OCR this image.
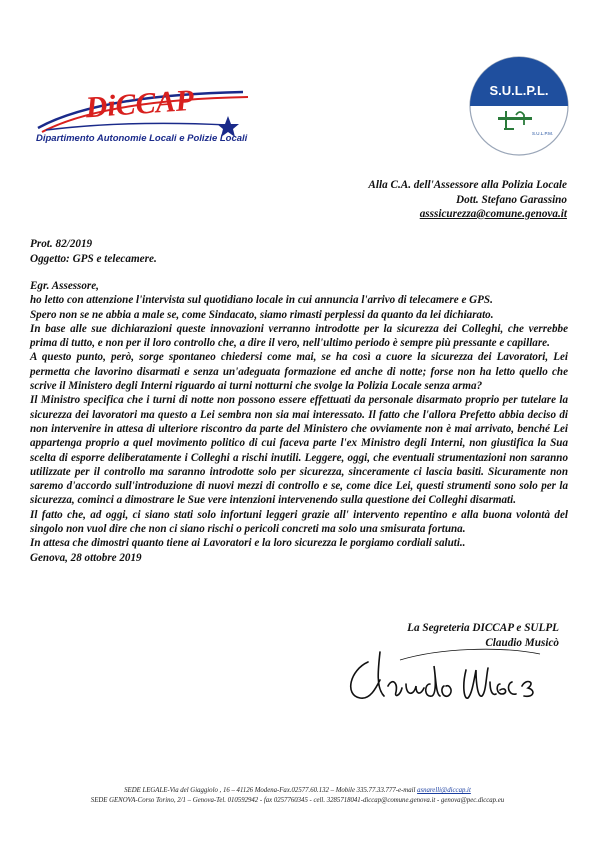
DiCCAP
Dipartimento Autonomie Locali e Polizie Locali
S.U.L.P.L.
S.U.L.P.M.
Alla C.A. dell'Assessore alla Polizia Locale
Dott. Stefano Garassino
asssicurezza@comune.genova.it
Prot. 82/2019
Oggetto: GPS e telecamere.

Egr. Assessore,

ho letto con attenzione l'intervista sul quotidiano locale in cui annuncia l'arrivo di telecamere e GPS.

Spero non se ne abbia a male se, come Sindacato, siamo rimasti perplessi da quanto da lei dichiarato.

In base alle sue dichiarazioni queste innovazioni verranno introdotte per la sicurezza dei Colleghi, che verrebbe prima di tutto, e non per il loro controllo che, a dire il vero, nell'ultimo periodo è sempre più pressante e capillare.

A questo punto, però, sorge spontaneo chiedersi come mai, se ha così a cuore la sicurezza dei Lavoratori, Lei permetta che lavorino disarmati e senza un'adeguata formazione ed anche di notte; forse non ha letto quello che scrive il Ministero degli Interni riguardo ai turni notturni che svolge la Polizia Locale senza arma?

Il Ministro specifica che i turni di notte non possono essere effettuati da personale disarmato proprio per tutelare la sicurezza dei lavoratori ma questo a Lei sembra non sia mai interessato. Il fatto che l'allora Prefetto abbia deciso di non intervenire in attesa di ulteriore riscontro da parte del Ministero che ovviamente non è mai arrivato, benché Lei appartenga proprio a quel movimento politico di cui faceva parte l'ex Ministro degli Interni, non giustifica la Sua scelta di esporre deliberatamente i Colleghi a rischi inutili. Leggere, oggi, che eventuali strumentazioni non saranno utilizzate per il controllo ma saranno introdotte solo per sicurezza, sinceramente ci lascia basiti. Sicuramente non saremo d'accordo sull'introduzione di nuovi mezzi di controllo e se, come dice Lei, questi strumenti sono solo per la sicurezza, cominci a dimostrare le Sue vere intenzioni intervenendo sulla questione dei Colleghi disarmati.

Il fatto che, ad oggi, ci siano stati solo infortuni leggeri grazie all' intervento repentino e alla buona volontà del singolo non vuol dire che non ci siano rischi o pericoli concreti ma solo una smisurata fortuna.

In attesa che dimostri quanto tiene ai Lavoratori e la loro sicurezza le porgiamo cordiali saluti..

Genova, 28 ottobre 2019

La Segreteria DICCAP e SULPL
Claudio Musicò
SEDE LEGALE-Via del Giaggiolo , 16 – 41126 Modena-Fax.02577.60.132 – Mobile 335.77.33.777-e-mail asnarelli@diccap.it
SEDE GENOVA-Corso Torino, 2/1 – Genova-Tel. 010592942 - fax 0257760345 - cell. 3285718041-diccap@comune.genova.it - genova@pec.diccap.eu
